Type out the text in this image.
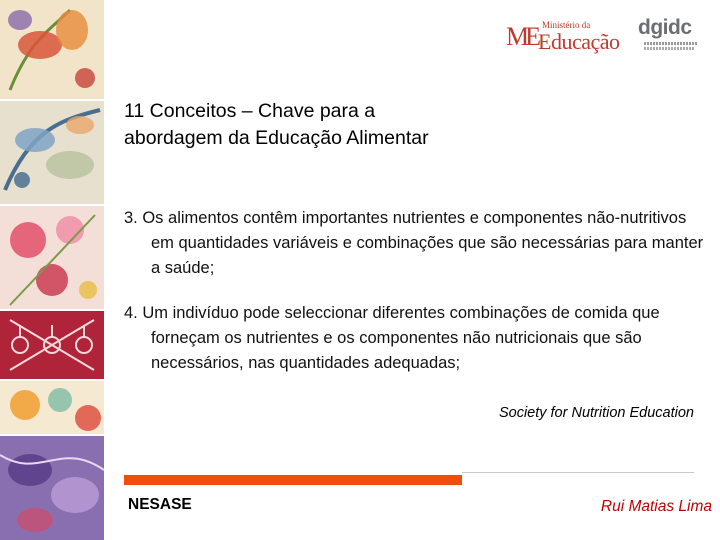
ME Ministério da
Educação
dgidc
11 Conceitos – Chave para a
abordagem da Educação Alimentar
3. Os alimentos contêm importantes nutrientes e componentes não-nutritivos em quantidades variáveis e combinações que são necessárias para manter a saúde;
4. Um indivíduo pode seleccionar diferentes combinações de comida que forneçam os nutrientes e os componentes não nutricionais que são necessários, nas quantidades adequadas;
Society for Nutrition Education
NESASE	Rui Matias Lima
